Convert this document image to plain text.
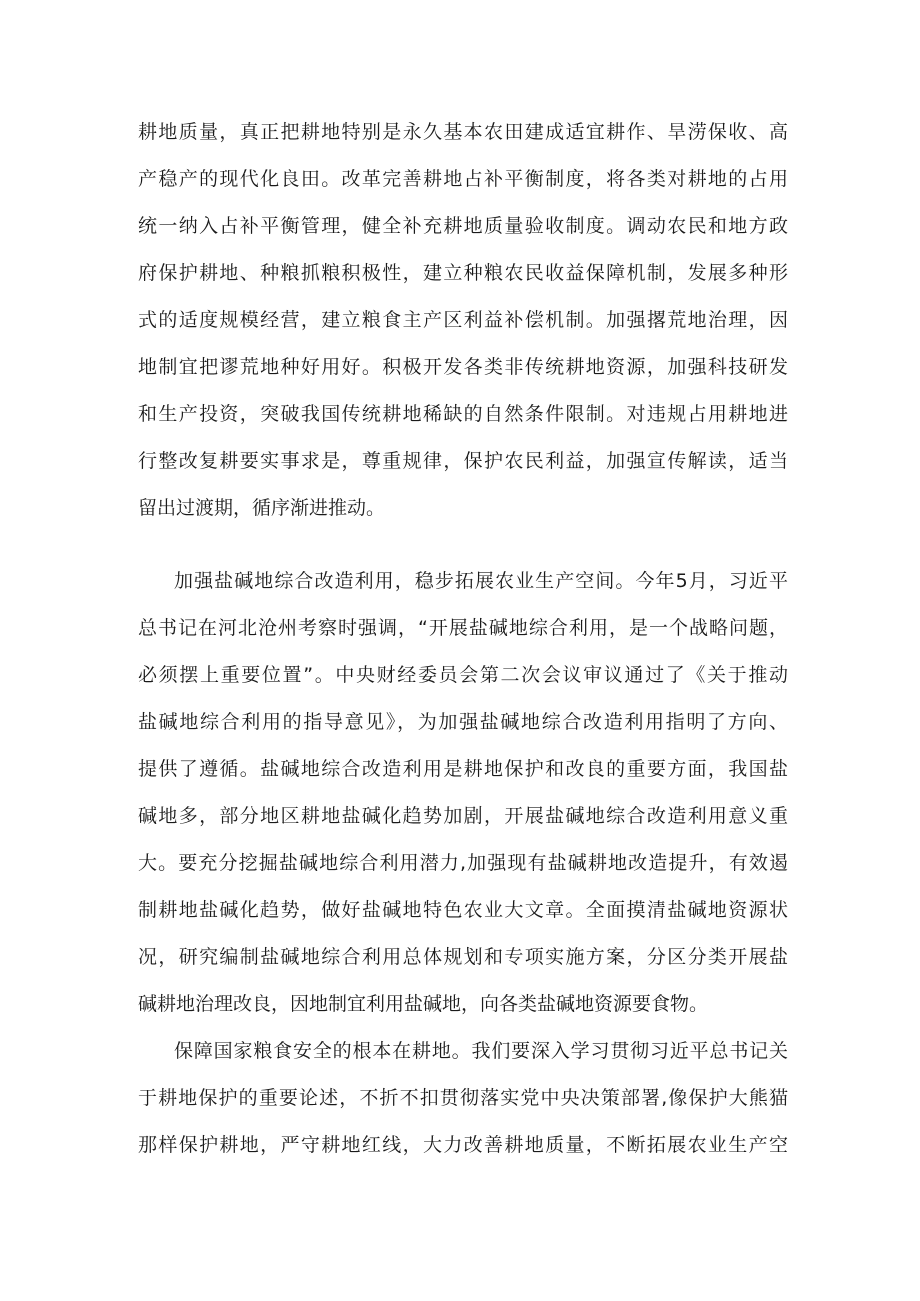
耕地质量，真正把耕地特别是永久基本农田建成适宜耕作、旱涝保收、高
产稳产的现代化良田。改革完善耕地占补平衡制度，将各类对耕地的占用
统一纳入占补平衡管理，健全补充耕地质量验收制度。调动农民和地方政
府保护耕地、种粮抓粮积极性，建立种粮农民收益保障机制，发展多种形
式的适度规模经营，建立粮食主产区利益补偿机制。加强撂荒地治理，因
地制宜把谬荒地种好用好。积极开发各类非传统耕地资源，加强科技研发
和生产投资，突破我国传统耕地稀缺的自然条件限制。对违规占用耕地进
行整改复耕要实事求是，尊重规律，保护农民利益，加强宣传解读，适当
留出过渡期，循序渐进推动。
加强盐碱地综合改造利用，稳步拓展农业生产空间。今年5月，习近平
总书记在河北沧州考察时强调，“开展盐碱地综合利用，是一个战略问题，
必须摆上重要位置”。中央财经委员会第二次会议审议通过了《关于推动
盐碱地综合利用的指导意见》，为加强盐碱地综合改造利用指明了方向、
提供了遵循。盐碱地综合改造利用是耕地保护和改良的重要方面，我国盐
碱地多，部分地区耕地盐碱化趋势加剧，开展盐碱地综合改造利用意义重
大。要充分挖掘盐碱地综合利用潜力,加强现有盐碱耕地改造提升，有效遏
制耕地盐碱化趋势，做好盐碱地特色农业大文章。全面摸清盐碱地资源状
况，研究编制盐碱地综合利用总体规划和专项实施方案，分区分类开展盐
碱耕地治理改良，因地制宜利用盐碱地，向各类盐碱地资源要食物。
保障国家粮食安全的根本在耕地。我们要深入学习贯彻习近平总书记关
于耕地保护的重要论述，不折不扣贯彻落实党中央决策部署,像保护大熊猫
那样保护耕地，严守耕地红线，大力改善耕地质量，不断拓展农业生产空
